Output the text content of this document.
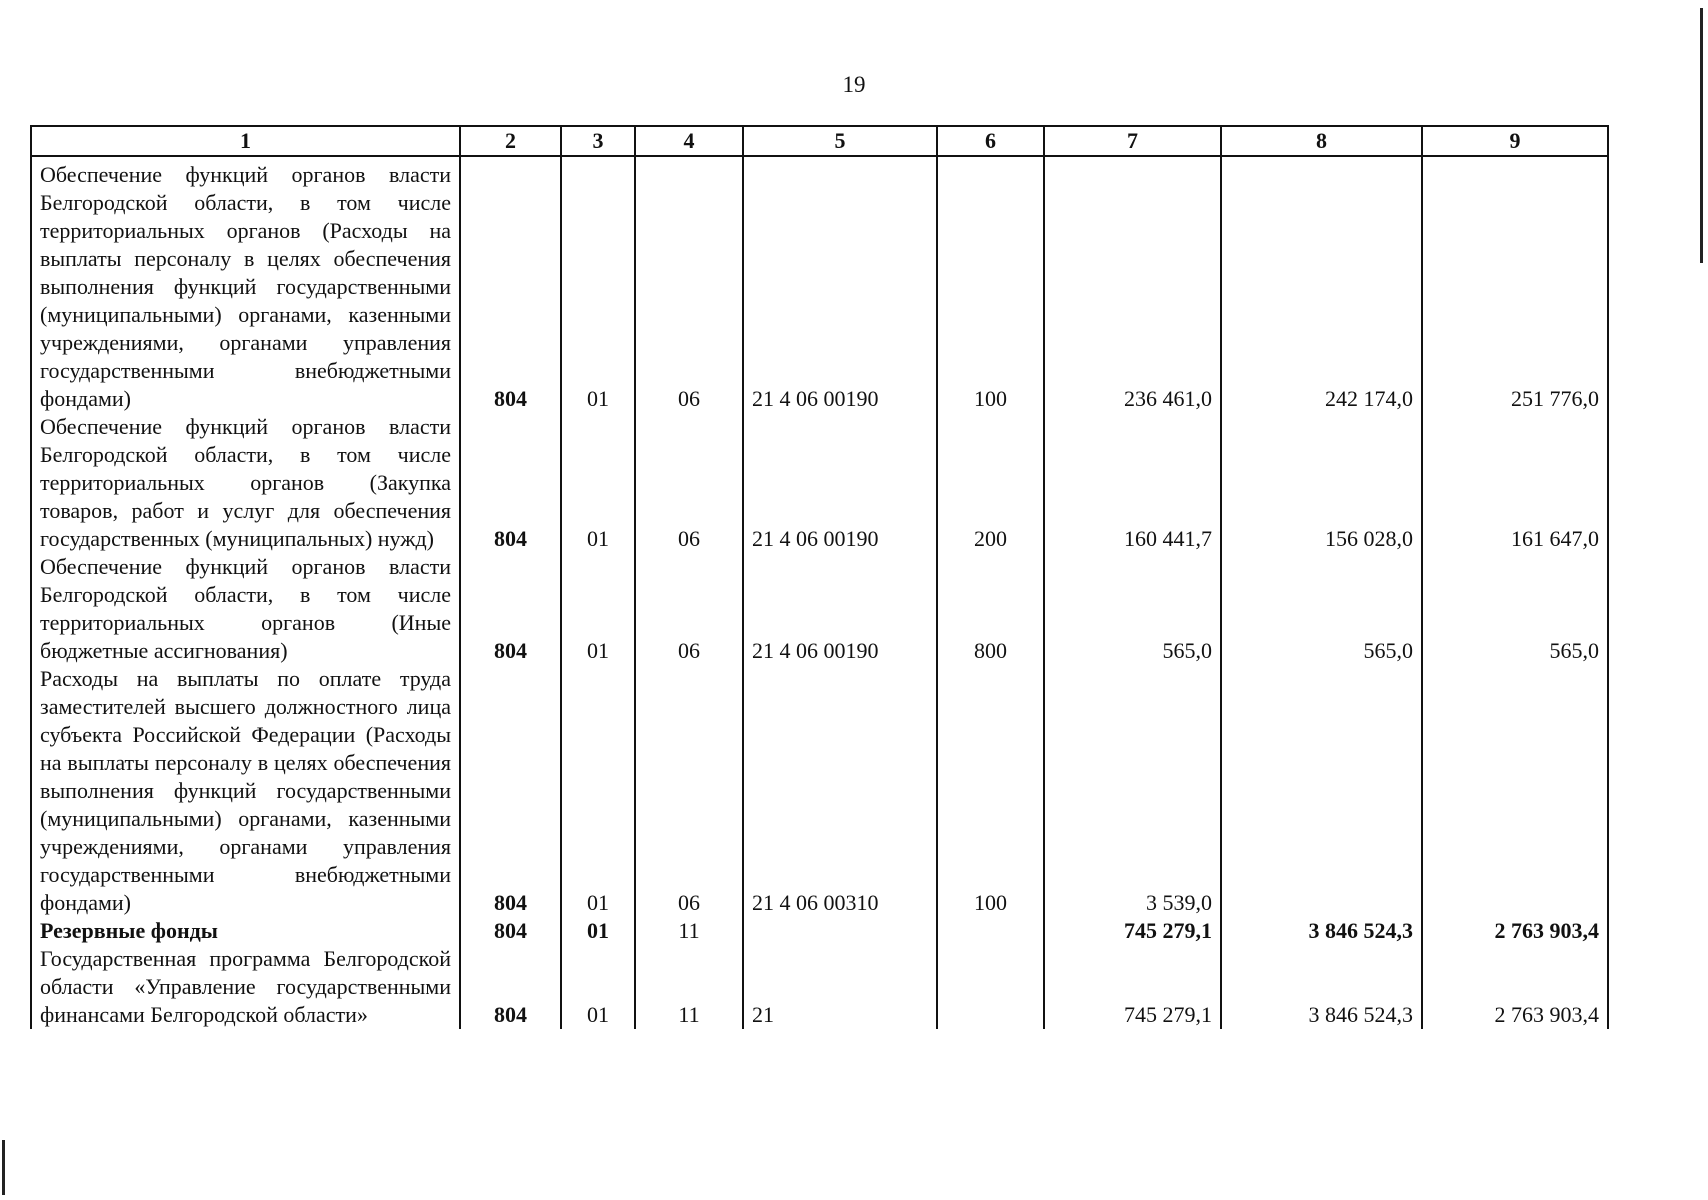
19
1	2	3	4	5	6	7	8	9
Обеспечение функций органов власти Белгородской области, в том числе территориальных органов (Расходы на выплаты персоналу в целях обеспечения выполнения функций государственными (муниципальными) органами, казенными учреждениями, органами управления государственными внебюджетными фондами)	804	01	06	21 4 06 00190	100	236 461,0	242 174,0	251 776,0
Обеспечение функций органов власти Белгородской области, в том числе территориальных органов (Закупка товаров, работ и услуг для обеспечения государственных (муниципальных) нужд)	804	01	06	21 4 06 00190	200	160 441,7	156 028,0	161 647,0
Обеспечение функций органов власти Белгородской области, в том числе территориальных органов (Иные бюджетные ассигнования)	804	01	06	21 4 06 00190	800	565,0	565,0	565,0
Расходы на выплаты по оплате труда заместителей высшего должностного лица субъекта Российской Федерации (Расходы на выплаты персоналу в целях обеспечения выполнения функций государственными (муниципальными) органами, казенными учреждениями, органами управления государственными внебюджетными фондами)	804	01	06	21 4 06 00310	100	3 539,0		
Резервные фонды	804	01	11			745 279,1	3 846 524,3	2 763 903,4
Государственная программа Белгородской области «Управление государственными финансами Белгородской области»	804	01	11	21		745 279,1	3 846 524,3	2 763 903,4
